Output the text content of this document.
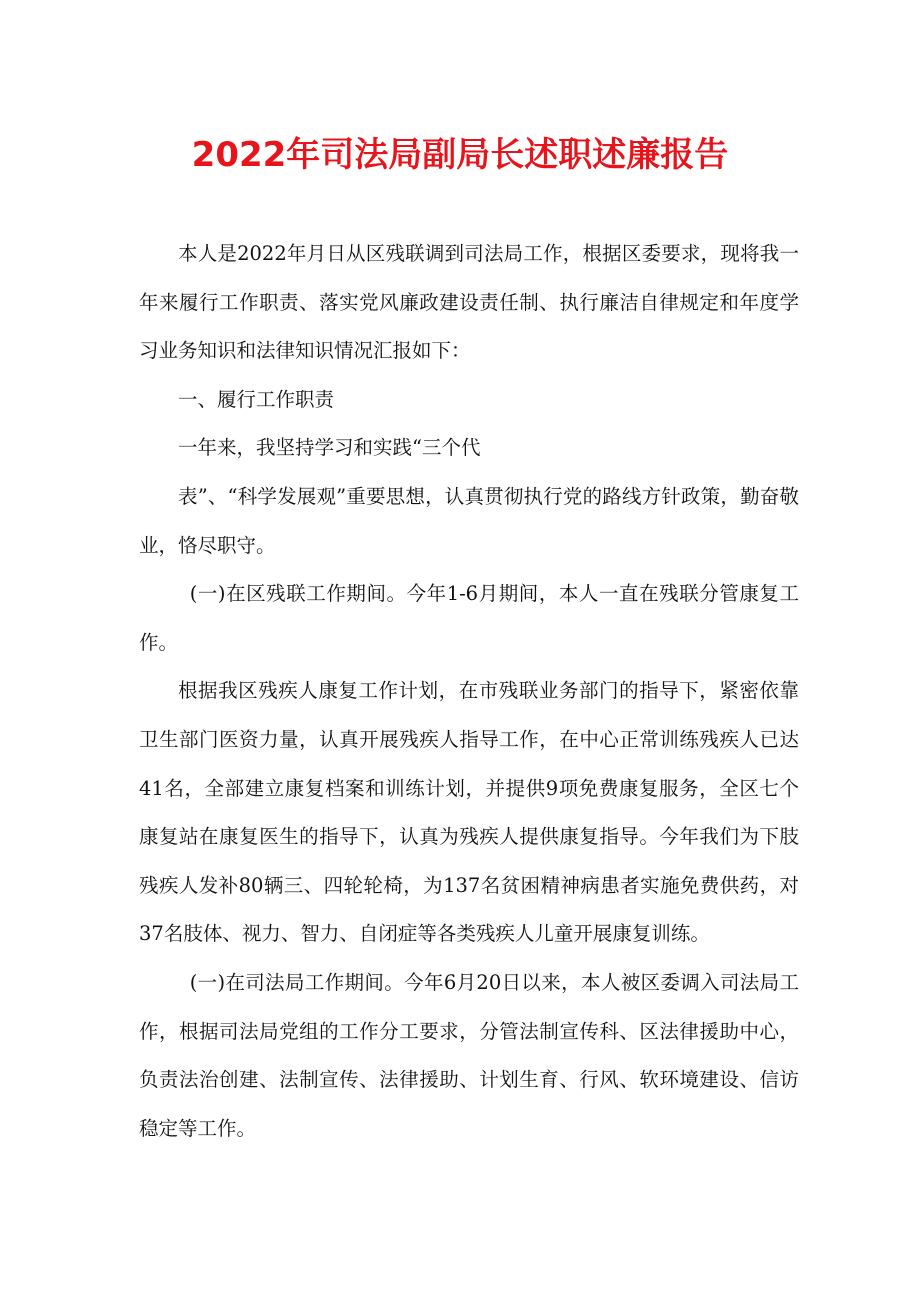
2022年司法局副局长述职述廉报告

本人是2022年月日从区残联调到司法局工作，根据区委要求，现将我一年来履行工作职责、落实党风廉政建设责任制、执行廉洁自律规定和年度学习业务知识和法律知识情况汇报如下：

一、履行工作职责

一年来，我坚持学习和实践“三个代

表”、“科学发展观”重要思想，认真贯彻执行党的路线方针政策，勤奋敬业，恪尽职守。

(一)在区残联工作期间。今年1-6月期间，本人一直在残联分管康复工作。

根据我区残疾人康复工作计划，在市残联业务部门的指导下，紧密依靠卫生部门医资力量，认真开展残疾人指导工作，在中心正常训练残疾人已达41名，全部建立康复档案和训练计划，并提供9项免费康复服务，全区七个康复站在康复医生的指导下，认真为残疾人提供康复指导。今年我们为下肢残疾人发补80辆三、四轮轮椅，为137名贫困精神病患者实施免费供药，对37名肢体、视力、智力、自闭症等各类残疾人儿童开展康复训练。

(一)在司法局工作期间。今年6月20日以来，本人被区委调入司法局工作，根据司法局党组的工作分工要求，分管法制宣传科、区法律援助中心，负责法治创建、法制宣传、法律援助、计划生育、行风、软环境建设、信访稳定等工作。
